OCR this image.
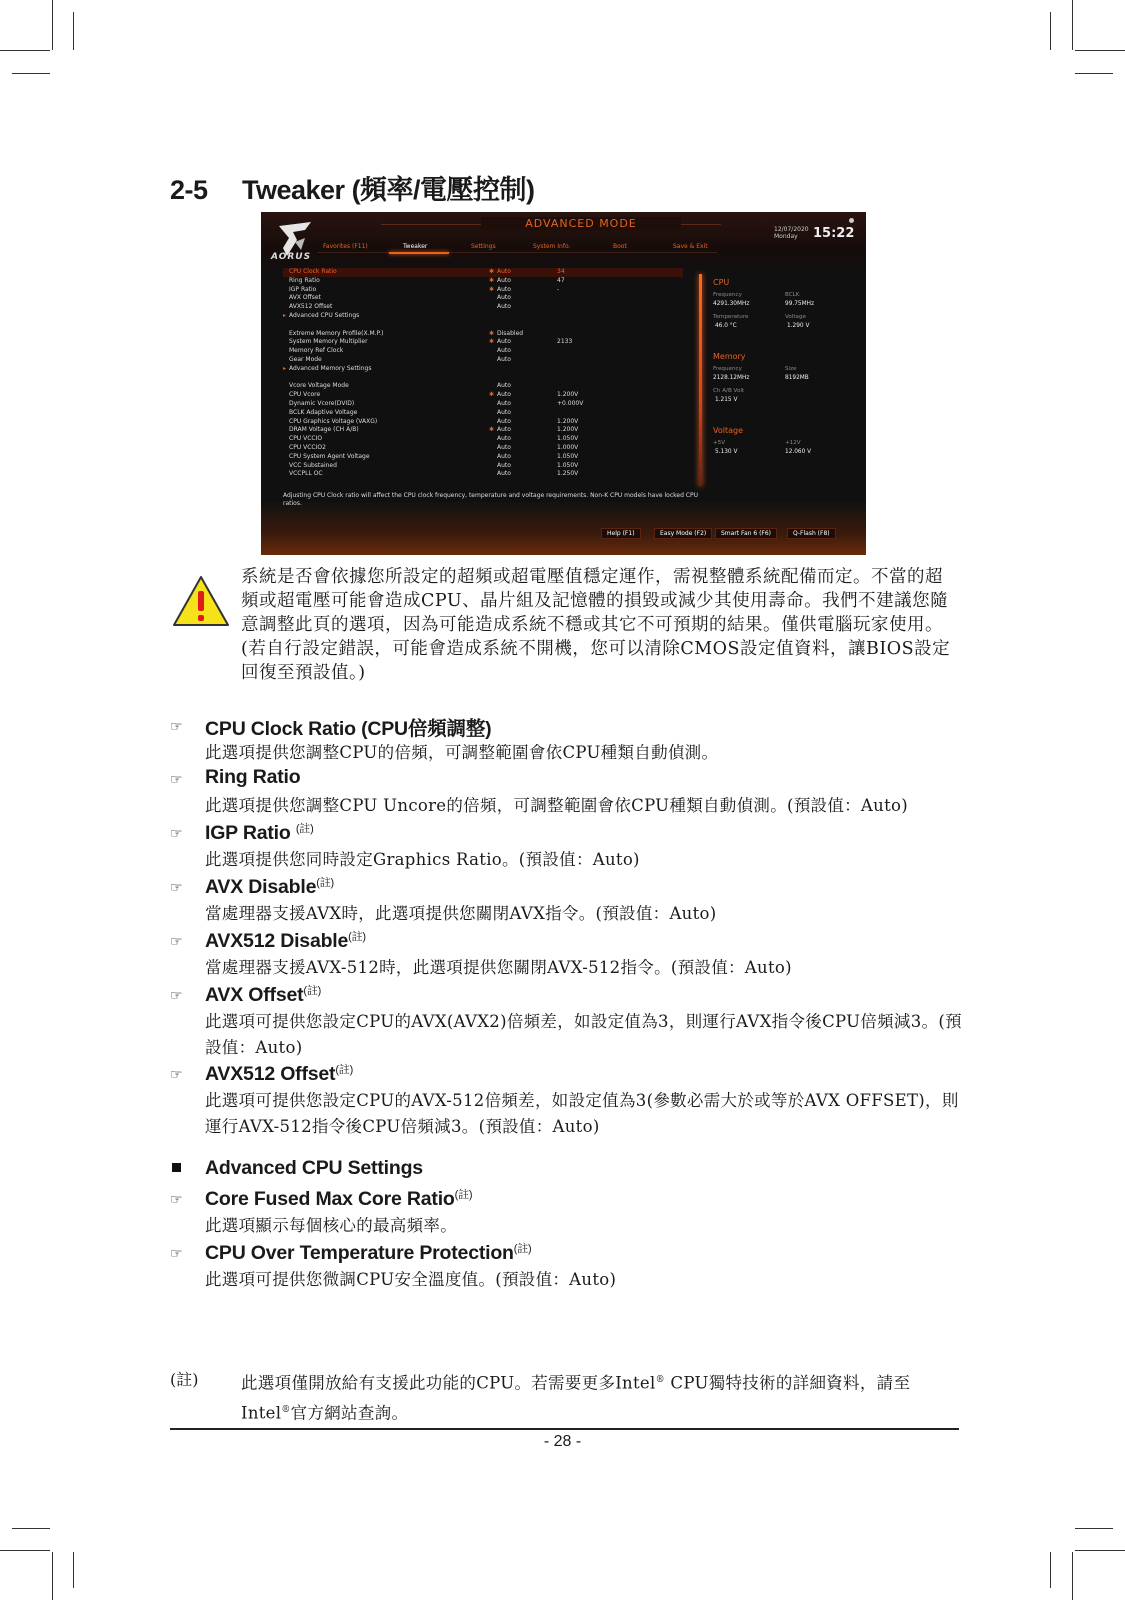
2-5 Tweaker (頻率/電壓控制)
AORUS
ADVANCED MODE	12/07/2020
Monday	15:22
Favorites (F11)	Tweaker	Settings	System Info.	Boot	Save & Exit
CPU Clock Ratio	✱ Auto	34
Ring Ratio	✱ Auto	47
IGP Ratio	✱ Auto	-
AVX Offset	Auto
AVX512 Offset	Auto
▸ Advanced CPU Settings
Extreme Memory Profile(X.M.P.)	✱ Disabled
System Memory Multiplier	✱ Auto	2133
Memory Ref Clock	Auto
Gear Mode	Auto
▸ Advanced Memory Settings
Vcore Voltage Mode	Auto
CPU Vcore	✱ Auto	1.200V
Dynamic Vcore(DVID)	Auto	+0.000V
BCLK Adaptive Voltage	Auto
CPU Graphics Voltage (VAXG)	Auto	1.200V
DRAM Voltage (CH A/B)	✱ Auto	1.200V
CPU VCCIO	Auto	1.050V
CPU VCCIO2	Auto	1.000V
CPU System Agent Voltage	Auto	1.050V
VCC Substained	Auto	1.050V
VCCPLL OC	Auto	1.250V
CPU
Frequency	BCLK
4291.30MHz	99.75MHz
Temperature	Voltage
46.0 °C	1.290 V
Memory
Frequency	Size
2128.12MHz	8192MB
Ch A/B Volt
1.215 V
Voltage
+5V	+12V
5.130 V	12.060 V
Adjusting CPU Clock ratio will affect the CPU clock frequency, temperature and voltage requirements. Non-K CPU models have locked CPU ratios.
Help (F1)	Easy Mode (F2)	Smart Fan 6 (F6)	Q-Flash (F8)
系統是否會依據您所設定的超頻或超電壓值穩定運作，需視整體系統配備而定。不當的超頻或超電壓可能會造成CPU、晶片組及記憶體的損毀或減少其使用壽命。我們不建議您隨意調整此頁的選項，因為可能造成系統不穩或其它不可預期的結果。僅供電腦玩家使用。(若自行設定錯誤，可能會造成系統不開機，您可以清除CMOS設定值資料，讓BIOS設定回復至預設值。)
☞ CPU Clock Ratio (CPU倍頻調整)
此選項提供您調整CPU的倍頻，可調整範圍會依CPU種類自動偵測。
☞ Ring Ratio
此選項提供您調整CPU Uncore的倍頻，可調整範圍會依CPU種類自動偵測。(預設值：Auto)
☞ IGP Ratio $^{(註)}$
此選項提供您同時設定Graphics Ratio。(預設值：Auto)
☞ AVX Disable$^{(註)}$
當處理器支援AVX時，此選項提供您關閉AVX指令。(預設值：Auto)
☞ AVX512 Disable$^{(註)}$
當處理器支援AVX-512時，此選項提供您關閉AVX-512指令。(預設值：Auto)
☞ AVX Offset$^{(註)}$
此選項可提供您設定CPU的AVX(AVX2)倍頻差，如設定值為3，則運行AVX指令後CPU倍頻減3。(預設值：Auto)
☞ AVX512 Offset$^{(註)}$
此選項可提供您設定CPU的AVX-512倍頻差，如設定值為3(參數必需大於或等於AVX OFFSET)，則運行AVX-512指令後CPU倍頻減3。(預設值：Auto)
Advanced CPU Settings
☞ Core Fused Max Core Ratio$^{(註)}$
此選項顯示每個核心的最高頻率。
☞ CPU Over Temperature Protection$^{(註)}$
此選項可提供您微調CPU安全溫度值。(預設值：Auto)
(註)	此選項僅開放給有支援此功能的CPU。若需要更多Intel® CPU獨特技術的詳細資料，請至
Intel®官方網站查詢。
- 28 -
